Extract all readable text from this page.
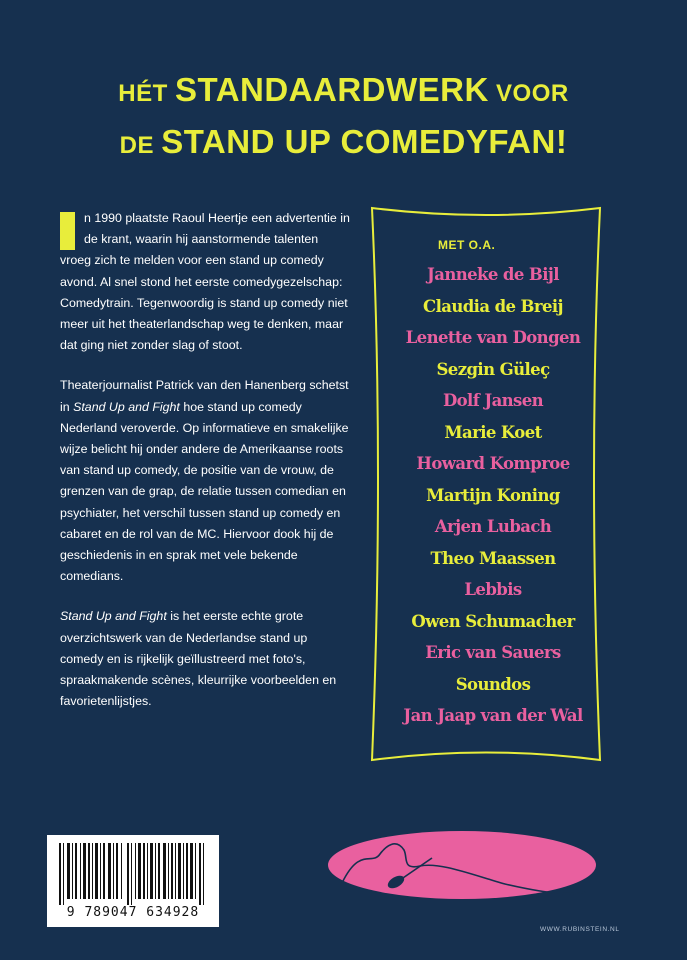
HÉT STANDAARDWERK VOOR
DE STAND UP COMEDYFAN!

n 1990 plaatste Raoul Heertje een advertentie in de krant, waarin hij aanstormende talenten vroeg zich te melden voor een stand up comedy avond. Al snel stond het eerste comedygezelschap: Comedytrain. Tegenwoordig is stand up comedy niet meer uit het theaterlandschap weg te denken, maar dat ging niet zonder slag of stoot.

Theaterjournalist Patrick van den Hanenberg schetst in Stand Up and Fight hoe stand up comedy Nederland veroverde. Op informatieve en smakelijke wijze belicht hij onder andere de Amerikaanse roots van stand up comedy, de positie van de vrouw, de grenzen van de grap, de relatie tussen comedian en psychiater, het verschil tussen stand up comedy en cabaret en de rol van de MC. Hiervoor dook hij de geschiedenis in en sprak met vele bekende comedians.

Stand Up and Fight is het eerste echte grote overzichtswerk van de Nederlandse stand up comedy en is rijkelijk geïllustreerd met foto's, spraakmakende scènes, kleurrijke voorbeelden en favorietenlijstjes.

MET O.A.
Janneke de Bijl
Claudia de Breij
Lenette van Dongen
Sezgin Güleç
Dolf Jansen
Marie Koet
Howard Komproe
Martijn Koning
Arjen Lubach
Theo Maassen
Lebbis
Owen Schumacher
Eric van Sauers
Soundos
Jan Jaap van der Wal
9 789047 634928
WWW.RUBINSTEIN.NL
